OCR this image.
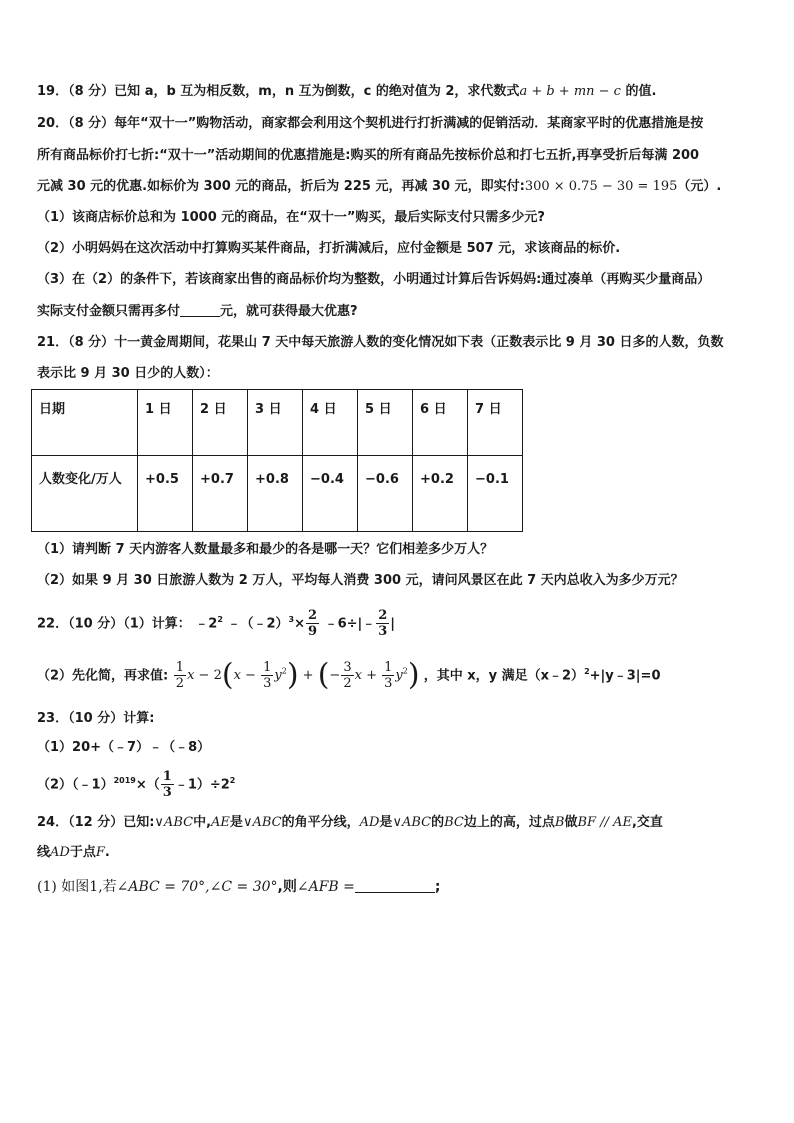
19．（8 分）已知 a，b 互为相反数，m，n 互为倒数，c 的绝对值为 2，求代数式a + b + mn − c 的值.
20．（8 分）每年“双十一”购物活动，商家都会利用这个契机进行打折满减的促销活动．某商家平时的优惠措施是按
所有商品标价打七折:“双十一”活动期间的优惠措施是:购买的所有商品先按标价总和打七五折,再享受折后每满 200
元减 30 元的优惠.如标价为 300 元的商品，折后为 225 元，再减 30 元，即实付:300 × 0.75 − 30 = 195（元）.
（1）该商店标价总和为 1000 元的商品，在“双十一”购买，最后实际支付只需多少元?
（2）小明妈妈在这次活动中打算购买某件商品，打折满减后，应付金额是 507 元，求该商品的标价.
（3）在（2）的条件下，若该商家出售的商品标价均为整数，小明通过计算后告诉妈妈:通过凑单（再购买少量商品）
实际支付金额只需再多付	元，就可获得最大优惠?
21．（8 分）十一黄金周期间，花果山 7 天中每天旅游人数的变化情况如下表（正数表示比 9 月 30 日多的人数，负数
表示比 9 月 30 日少的人数）：
日期	1 日	2 日	3 日	4 日	5 日	6 日	7 日
人数变化/万人	+0.5	+0.7	+0.8	−0.4	−0.6	+0.2	−0.1
（1）请判断 7 天内游客人数量最多和最少的各是哪一天？它们相差多少万人？
（2）如果 9 月 30 日旅游人数为 2 万人，平均每人消费 300 元，请问风景区在此 7 天内总收入为多少万元？
22．（10 分）（1）计算： $﹣2^2$ ﹣（﹣2）$^3$× $\frac{2}{9}$ ﹣6÷|﹣ $\frac{2}{3}$ |
（2）先化简，再求值: $\frac{1}{2}$ $x - 2(x - \frac{1}{3} y^2)$ + (− $\frac{3}{2}$ $x + \frac{1}{3} y^2$) ，其中 x，y 满足（x﹣2）$^2$+|y﹣3|=0
23．（10 分）计算:
（1）20+（﹣7）﹣（﹣8）
（2）（﹣1）$^{2019}$×（ $\frac{1}{3}$ $﹣1)\div 2^2$
24．（12 分）已知:∨ABC中,AE是∨ABC的角平分线，AD是∨ABC的BC边上的高，过点B做BF // AE,交直
线AD于点F.
(1) 如图1,若∠ABC = 70°,∠C = 30°,则∠AFB =	;
